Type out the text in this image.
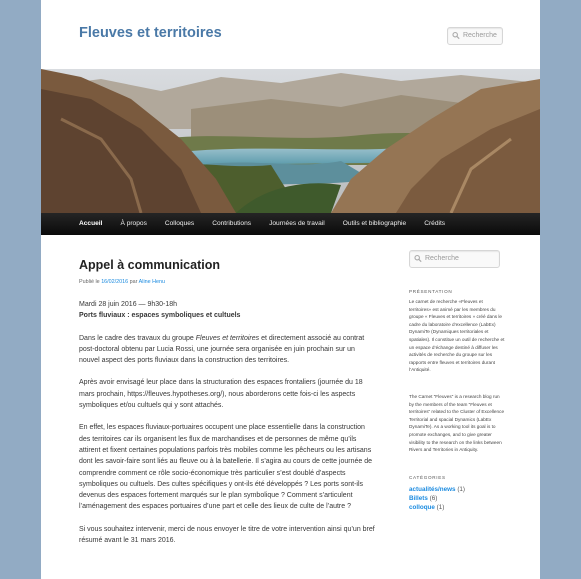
Fleuves et territoires	Recherche
Accueil	À propos	Colloques	Contributions	Journées de travail	Outils et bibliographie	Crédits
Appel à communication
Publié le 16/02/2016 par Aline Henu

Mardi 28 juin 2016 — 9h30-18h
Ports fluviaux : espaces symboliques et cultuels

Dans le cadre des travaux du groupe Fleuves et territoires et directement associé au contrat post-doctoral obtenu par Lucia Rossi, une journée sera organisée en juin prochain sur un nouvel aspect des ports fluviaux dans la construction des territoires.

Après avoir envisagé leur place dans la structuration des espaces frontaliers (journée du 18 mars prochain, https://fleuves.hypotheses.org/), nous aborderons cette fois-ci les aspects symboliques et/ou cultuels qui y sont attachés.

En effet, les espaces fluviaux-portuaires occupent une place essentielle dans la construction des territoires car ils organisent les flux de marchandises et de personnes de même qu’ils attirent et fixent certaines populations parfois très mobiles comme les pêcheurs ou les artisans dont les savoir-faire sont liés au fleuve ou à la batellerie. Il s’agira au cours de cette journée de comprendre comment ce rôle socio-économique très particulier s’est doublé d’aspects symboliques ou cultuels. Des cultes spécifiques y ont-ils été développés ? Les ports sont-ils devenus des espaces fortement marqués sur le plan symbolique ? Comment s’articulent l’aménagement des espaces portuaires d’une part et celle des lieux de culte de l’autre ?

Si vous souhaitez intervenir, merci de nous envoyer le titre de votre intervention ainsi qu’un bref résumé avant le 31 mars 2016.

Recherche
PRÉSENTATION

Le carnet de recherche «Fleuves et territoires» est animé par les membres du groupe « Fleuves et territoires » créé dans le cadre du laboratoire d’excellence (LabEx) DynamiTe (Dynamiques territoriales et spatiales). Il constitue un outil de recherche et un espace d’échange destiné à diffuser les activités de recherche du groupe sur les rapports entre fleuves et territoires durant l’Antiquité.

The Carnet “Fleuves” is a research blog run by the members of the team “Fleuves et territoires” related to the Cluster of Excellence Territorial and spacial Dynamics (LabEx DynamiTe). As a working tool its goal is to promote exchanges, and to give greater visibility to the research on the links between Rivers and Territories in Antiquity.

CATÉGORIES
actualités/news (1)
Billets (6)
colloque (1)
